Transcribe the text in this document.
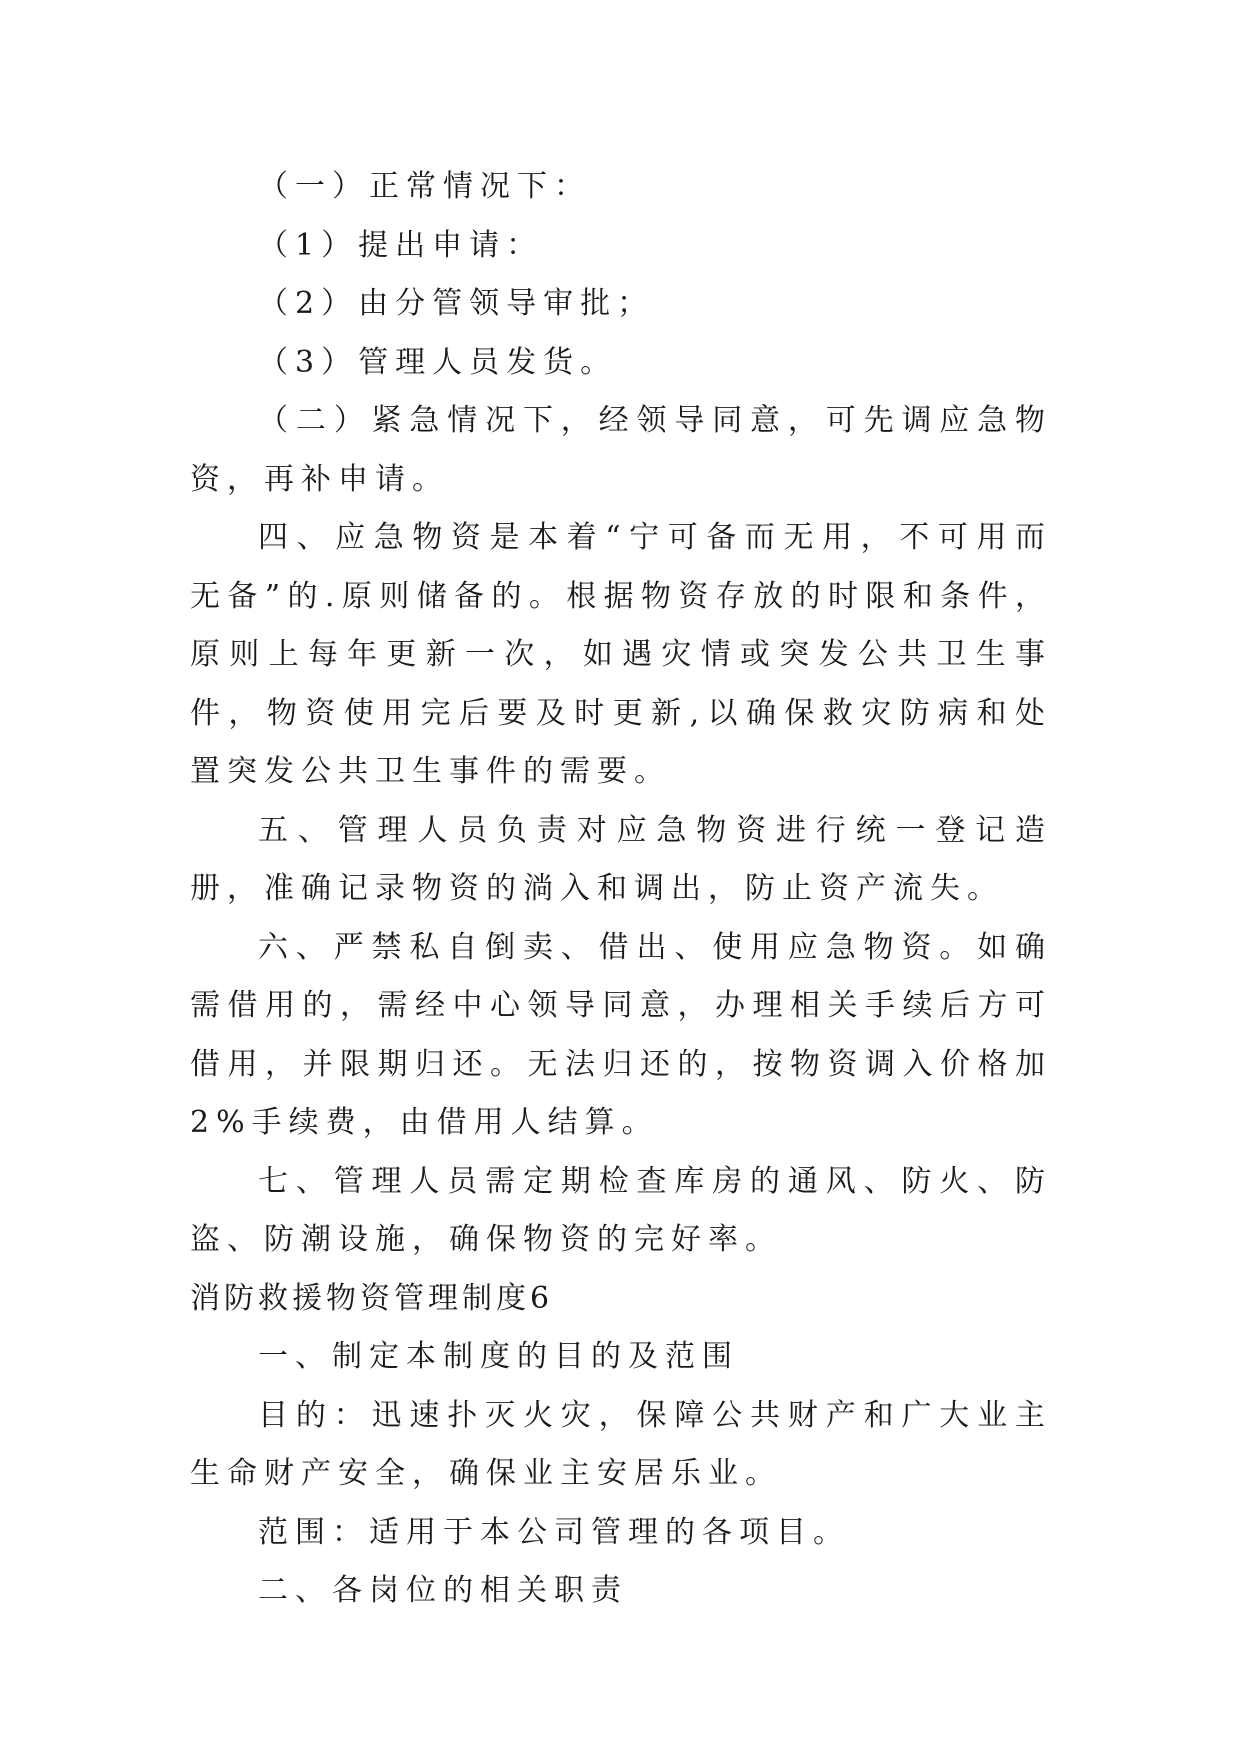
（一）正常情况下：

（1）提出申请：

（2）由分管领导审批；

（3）管理人员发货。

（二）紧急情况下，经领导同意，可先调应急物资，再补申请。

四、应急物资是本着“宁可备而无用，不可用而无备”的.原则储备的。根据物资存放的时限和条件，原则上每年更新一次，如遇灾情或突发公共卫生事件，物资使用完后要及时更新,以确保救灾防病和处置突发公共卫生事件的需要。

五、管理人员负责对应急物资进行统一登记造册，准确记录物资的淌入和调出，防止资产流失。

六、严禁私自倒卖、借出、使用应急物资。如确需借用的，需经中心领导同意，办理相关手续后方可借用，并限期归还。无法归还的，按物资调入价格加2%手续费，由借用人结算。

七、管理人员需定期检查库房的通风、防火、防盗、防潮设施，确保物资的完好率。

消防救援物资管理制度6

一、制定本制度的目的及范围

目的：迅速扑灭火灾，保障公共财产和广大业主生命财产安全，确保业主安居乐业。

范围：适用于本公司管理的各项目。

二、各岗位的相关职责
